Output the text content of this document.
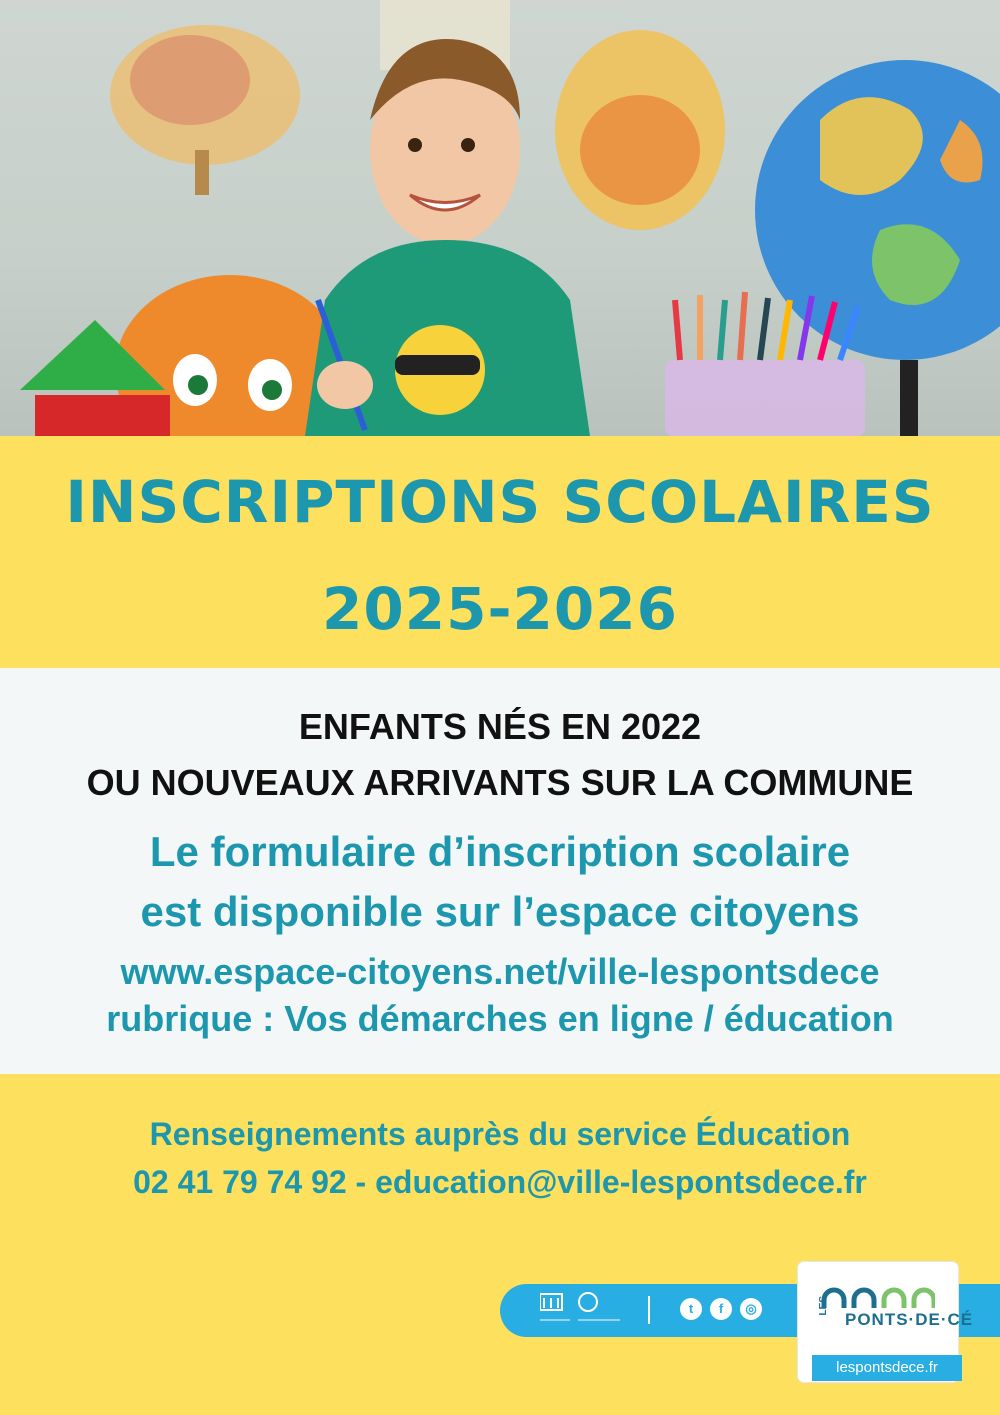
INSCRIPTIONS SCOLAIRES
2025-2026
ENFANTS NÉS EN 2022
OU NOUVEAUX ARRIVANTS SUR LA COMMUNE
Le formulaire d’inscription scolaire
est disponible sur l’espace citoyens
www.espace-citoyens.net/ville-lespontsdece
rubrique : Vos démarches en ligne / éducation
Renseignements auprès du service Éducation
02 41 79 74 92 - education@ville-lespontsdece.fr
t	f	◎	LES
PONTS·DE·CÉ
lespontsdece.fr
